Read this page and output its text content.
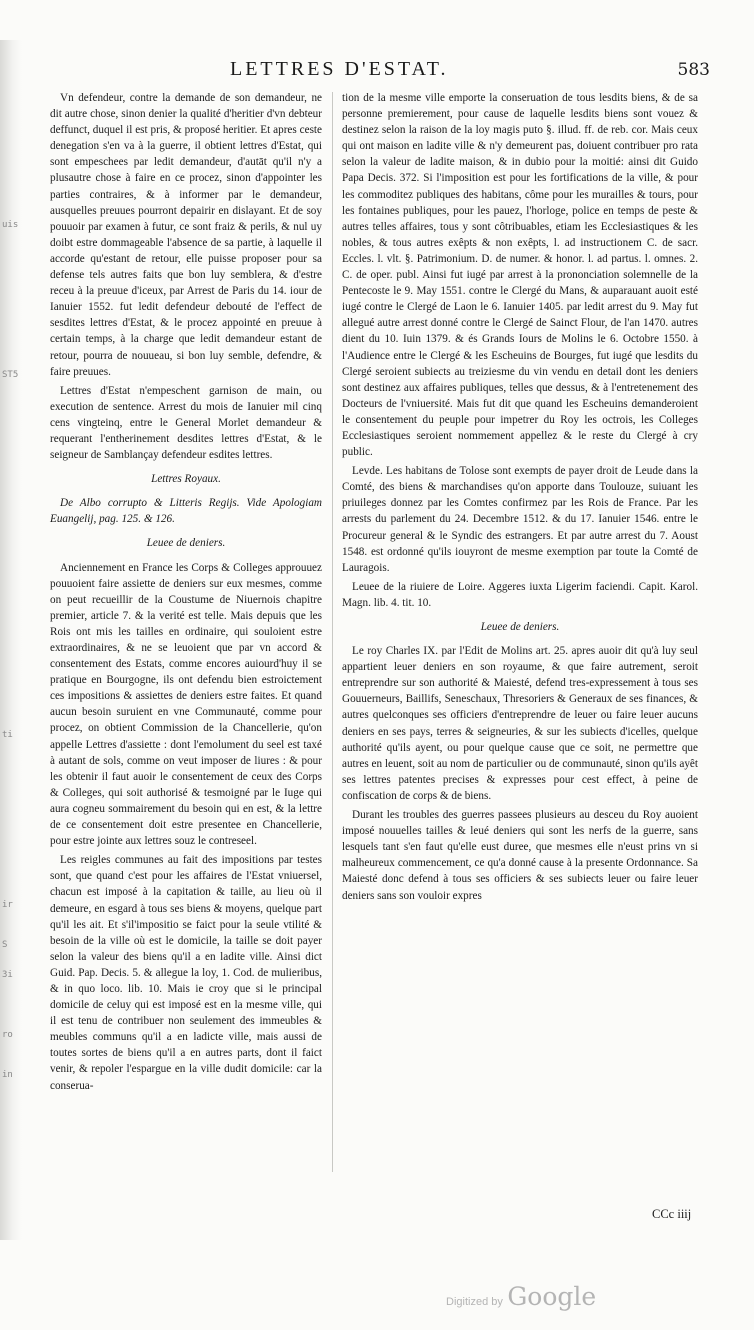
uis
ST5
ti
ir
S
3i
ro
in
LETTRES D'ESTAT.	583

Vn defendeur, contre la demande de son demandeur, ne dit autre chose, sinon denier la qualité d'heritier d'vn debteur deffunct, duquel il est pris, & proposé heritier. Et apres ceste denegation s'en va à la guerre, il obtient lettres d'Estat, qui sont empeschees par ledit demandeur, d'autāt qu'il n'y a plusautre chose à faire en ce procez, sinon d'appointer les parties contraires, & à informer par le demandeur, ausquelles preuues pourront depairir en dislayant. Et de soy pouuoir par examen à futur, ce sont fraiz & perils, & nul uy doibt estre dommageable l'absence de sa partie, à laquelle il accorde qu'estant de retour, elle puisse proposer pour sa defense tels autres faits que bon luy semblera, & d'estre receu à la preuue d'iceux, par Arrest de Paris du 14. iour de Ianuier 1552. fut ledit defendeur debouté de l'effect de sesdites lettres d'Estat, & le procez appointé en preuue à certain temps, à la charge que ledit demandeur estant de retour, pourra de nouueau, si bon luy semble, defendre, & faire preuues.

Lettres d'Estat n'empeschent garnison de main, ou execution de sentence. Arrest du mois de Ianuier mil cinq cens vingteinq, entre le General Morlet demandeur & requerant l'entherinement desdites lettres d'Estat, & le seigneur de Samblançay defendeur esdites lettres.

Lettres Royaux.

De Albo corrupto & Litteris Regijs. Vide Apologiam Euangelij, pag. 125. & 126.

Leuee de deniers.

Anciennement en France les Corps & Colleges approuuez pouuoient faire assiette de deniers sur eux mesmes, comme on peut recueillir de la Coustume de Niuernois chapitre premier, article 7. & la verité est telle. Mais depuis que les Rois ont mis les tailles en ordinaire, qui souloient estre extraordinaires, & ne se leuoient que par vn accord & consentement des Estats, comme encores auiourd'huy il se pratique en Bourgogne, ils ont defendu bien estroictement ces impositions & assiettes de deniers estre faites. Et quand aucun besoin suruient en vne Communauté, comme pour procez, on obtient Commission de la Chancellerie, qu'on appelle Lettres d'assiette : dont l'emolument du seel est taxé à autant de sols, comme on veut imposer de liures : & pour les obtenir il faut auoir le consentement de ceux des Corps & Colleges, qui soit authorisé & tesmoigné par le Iuge qui aura cogneu sommairement du besoin qui en est, & la lettre de ce consentement doit estre presentee en Chancellerie, pour estre jointe aux lettres souz le contreseel.

Les reigles communes au fait des impositions par testes sont, que quand c'est pour les affaires de l'Estat vniuersel, chacun est imposé à la capitation & taille, au lieu où il demeure, en esgard à tous ses biens & moyens, quelque part qu'il les ait. Et s'il'impositio se faict pour la seule vtilité & besoin de la ville où est le domicile, la taille se doit payer selon la valeur des biens qu'il a en ladite ville. Ainsi dict Guid. Pap. Decis. 5. & allegue la loy, 1. Cod. de mulieribus, & in quo loco. lib. 10. Mais ie croy que si le principal domicile de celuy qui est imposé est en la mesme ville, qui il est tenu de contribuer non seulement des immeubles & meubles communs qu'il a en ladicte ville, mais aussi de toutes sortes de biens qu'il a en autres parts, dont il faict venir, & repoler l'espargue en la ville dudit domicile: car la conserua-

tion de la mesme ville emporte la conseruation de tous lesdits biens, & de sa personne premierement, pour cause de laquelle lesdits biens sont vouez & destinez selon la raison de la loy magis puto §. illud. ff. de reb. cor. Mais ceux qui ont maison en ladite ville & n'y demeurent pas, doiuent contribuer pro rata selon la valeur de ladite maison, & in dubio pour la moitié: ainsi dit Guido Papa Decis. 372. Si l'imposition est pour les fortifications de la ville, & pour les commoditez publiques des habitans, côme pour les murailles & tours, pour les fontaines publiques, pour les pauez, l'horloge, police en temps de peste & autres telles affaires, tous y sont côtribuables, etiam les Ecclesiastiques & les nobles, & tous autres exêpts & non exêpts, l. ad instructionem C. de sacr. Eccles. l. vlt. §. Patrimonium. D. de numer. & honor. l. ad partus. l. omnes. 2. C. de oper. publ. Ainsi fut iugé par arrest à la prononciation solemnelle de la Pentecoste le 9. May 1551. contre le Clergé du Mans, & auparauant auoit esté iugé contre le Clergé de Laon le 6. Ianuier 1405. par ledit arrest du 9. May fut allegué autre arrest donné contre le Clergé de Sainct Flour, de l'an 1470. autres dient du 10. Iuin 1379. & és Grands Iours de Molins le 6. Octobre 1550. à l'Audience entre le Clergé & les Escheuins de Bourges, fut iugé que lesdits du Clergé seroient subiects au treiziesme du vin vendu en detail dont les deniers sont destinez aux affaires publiques, telles que dessus, & à l'entretenement des Docteurs de l'vniuersité. Mais fut dit que quand les Escheuins demanderoient le consentement du peuple pour impetrer du Roy les octrois, les Colleges Ecclesiastiques seroient nommement appellez & le reste du Clergé à cry public.

Levde. Les habitans de Tolose sont exempts de payer droit de Leude dans la Comté, des biens & marchandises qu'on apporte dans Toulouze, suiuant les priuileges donnez par les Comtes confirmez par les Rois de France. Par les arrests du parlement du 24. Decembre 1512. & du 17. Ianuier 1546. entre le Procureur general & le Syndic des estrangers. Et par autre arrest du 7. Aoust 1548. est ordonné qu'ils iouyront de mesme exemption par toute la Comté de Lauragois.

Leuee de la riuiere de Loire. Aggeres iuxta Ligerim faciendi. Capit. Karol. Magn. lib. 4. tit. 10.

Leuee de deniers.

Le roy Charles IX. par l'Edit de Molins art. 25. apres auoir dit qu'à luy seul appartient leuer deniers en son royaume, & que faire autrement, seroit entreprendre sur son authorité & Maiesté, defend tres-expressement à tous ses Gouuerneurs, Baillifs, Seneschaux, Thresoriers & Generaux de ses finances, & autres quelconques ses officiers d'entreprendre de leuer ou faire leuer aucuns deniers en ses pays, terres & seigneuries, & sur les subiects d'icelles, quelque authorité qu'ils ayent, ou pour quelque cause que ce soit, ne permettre que autres en leuent, soit au nom de particulier ou de communauté, sinon qu'ils ayêt ses lettres patentes precises & expresses pour cest effect, à peine de confiscation de corps & de biens.

Durant les troubles des guerres passees plusieurs au desceu du Roy auoient imposé nouuelles tailles & leué deniers qui sont les nerfs de la guerre, sans lesquels tant s'en faut qu'elle eust duree, que mesmes elle n'eust prins vn si malheureux commencement, ce qu'a donné cause à la presente Ordonnance. Sa Maiesté donc defend à tous ses officiers & ses subiects leuer ou faire leuer deniers sans son vouloir expres

CCc iiij
Digitized by Google
